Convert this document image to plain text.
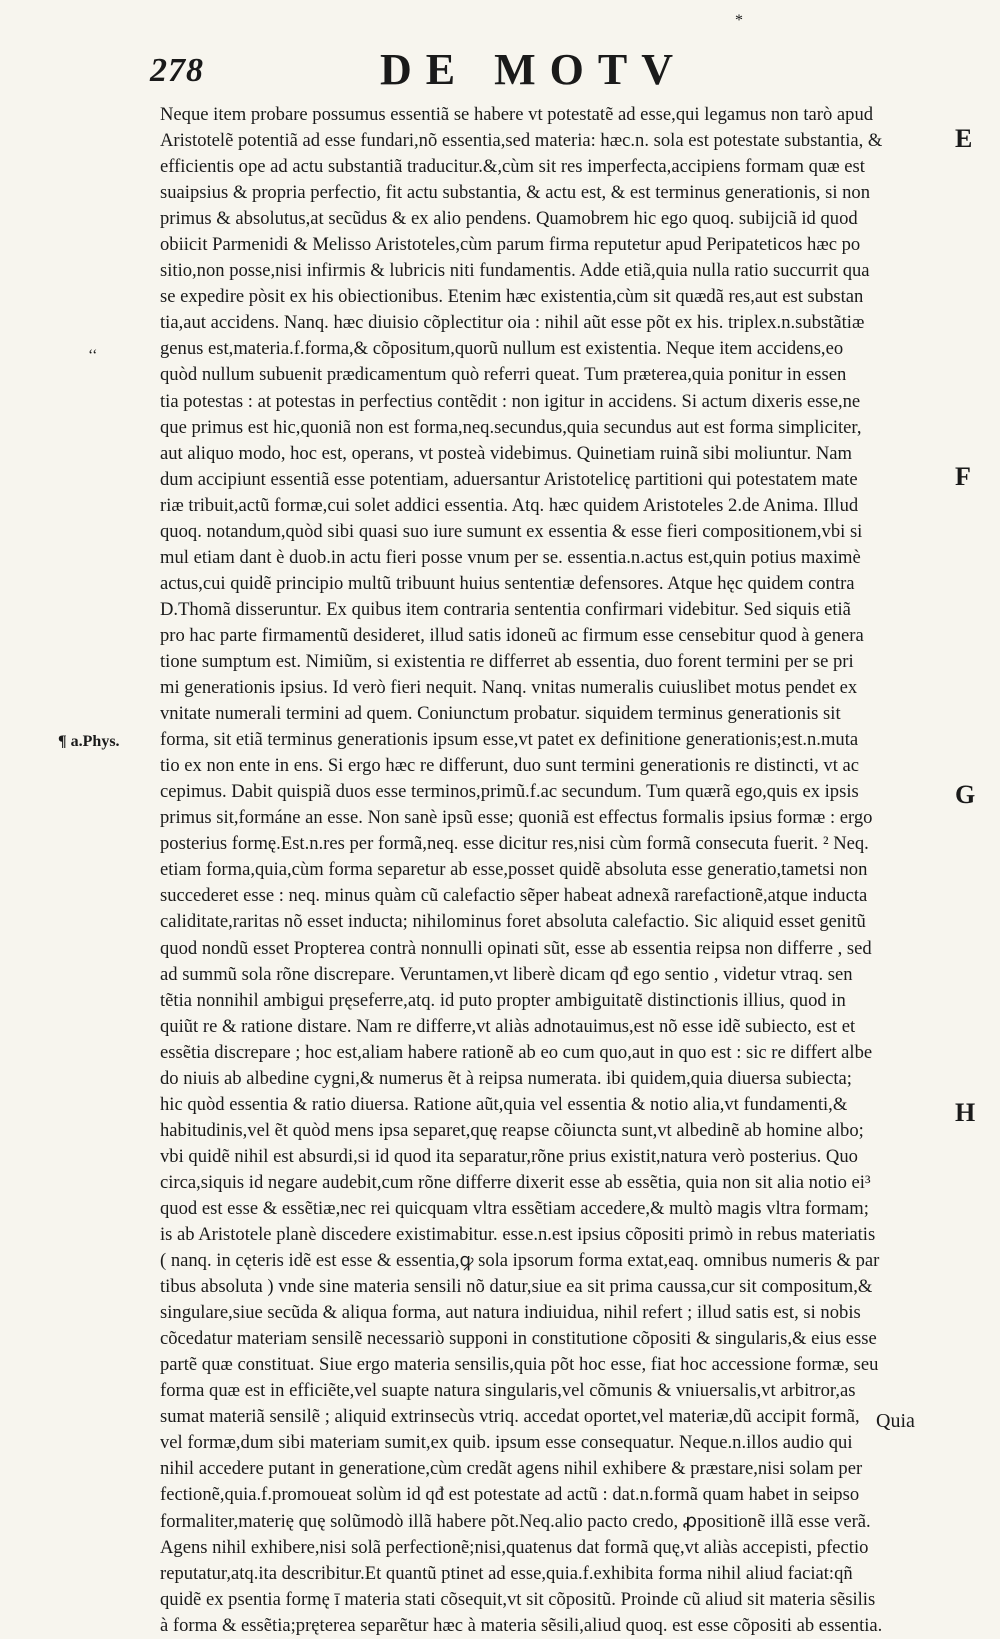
*
278	DE MOTV
‘‘
¶ a.Phys.
E
F
G
H
Neque item probare possumus essentiã se habere vt potestatẽ ad esse,qui legamus non tarò apud
Aristotelẽ potentiã ad esse fundari,nõ essentia,sed materia: hæc.n. sola est potestate substantia, &
efficientis ope ad actu substantiã traducitur.&,cùm sit res imperfecta,accipiens formam quæ est
suaipsius & propria perfectio, fit actu substantia, & actu est, & est terminus generationis, si non
primus & absolutus,at secũdus & ex alio pendens. Quamobrem hic ego quoq. subijciã id quod
obiicit Parmenidi & Melisso Aristoteles,cùm parum firma reputetur apud Peripateticos hæc po
sitio,non posse,nisi infirmis & lubricis niti fundamentis. Adde etiã,quia nulla ratio succurrit qua
se expedire pòsit ex his obiectionibus. Etenim hæc existentia,cùm sit quædã res,aut est substan
tia,aut accidens. Nanq. hæc diuisio cõplectitur oia : nihil aũt esse põt ex his. triplex.n.substãtiæ
genus est,materia.f.forma,& cõpositum,quorũ nullum est existentia. Neque item accidens,eo
quòd nullum subuenit prædicamentum quò referri queat. Tum præterea,quia ponitur in essen
tia potestas : at potestas in perfectius contẽdit : non igitur in accidens. Si actum dixeris esse,ne
que primus est hic,quoniã non est forma,neq.secundus,quia secundus aut est forma simpliciter,
aut aliquo modo, hoc est, operans, vt posteà videbimus. Quinetiam ruinã sibi moliuntur. Nam
dum accipiunt essentiã esse potentiam, aduersantur Aristotelicę partitioni qui potestatem mate
riæ tribuit,actũ formæ,cui solet addici essentia. Atq. hæc quidem Aristoteles 2.de Anima. Illud
quoq. notandum,quòd sibi quasi suo iure sumunt ex essentia & esse fieri compositionem,vbi si
mul etiam dant è duob.in actu fieri posse vnum per se. essentia.n.actus est,quin potius maximè
actus,cui quidẽ principio multũ tribuunt huius sententiæ defensores. Atque hęc quidem contra
D.Thomã disseruntur. Ex quibus item contraria sententia confirmari videbitur. Sed siquis etiã
pro hac parte firmamentũ desideret, illud satis idoneũ ac firmum esse censebitur quod à genera
tione sumptum est. Nimiũm, si existentia re differret ab essentia, duo forent termini per se pri
mi generationis ipsius. Id verò fieri nequit. Nanq. vnitas numeralis cuiuslibet motus pendet ex
vnitate numerali termini ad quem. Coniunctum probatur. siquidem terminus generationis sit
forma, sit etiã terminus generationis ipsum esse,vt patet ex definitione generationis;est.n.muta
tio ex non ente in ens. Si ergo hæc re differunt, duo sunt termini generationis re distincti, vt ac
cepimus. Dabit quispiã duos esse terminos,primũ.f.ac secundum. Tum quærã ego,quis ex ipsis
primus sit,formáne an esse. Non sanè ipsũ esse; quoniã est effectus formalis ipsius formæ : ergo
posterius formę.Est.n.res per formã,neq. esse dicitur res,nisi cùm formã consecuta fuerit. ² Neq.
etiam forma,quia,cùm forma separetur ab esse,posset quidẽ absoluta esse generatio,tametsi non
succederet esse : neq. minus quàm cũ calefactio sẽper habeat adnexã rarefactionẽ,atque inducta
caliditate,raritas nõ esset inducta; nihilominus foret absoluta calefactio. Sic aliquid esset genitũ
quod nondũ esset Propterea contrà nonnulli opinati sũt, esse ab essentia reipsa non differre , sed
ad summũ sola rõne discrepare. Veruntamen,vt liberè dicam qđ ego sentio , videtur vtraq. sen
tẽtia nonnihil ambigui pręseferre,atq. id puto propter ambiguitatẽ distinctionis illius, quod in
quiũt re & ratione distare. Nam re differre,vt aliàs adnotauimus,est nõ esse idẽ subiecto, est et
essẽtia discrepare ; hoc est,aliam habere rationẽ ab eo cum quo,aut in quo est : sic re differt albe
do niuis ab albedine cygni,& numerus ẽt à reipsa numerata. ibi quidem,quia diuersa subiecta;
hic quòd essentia & ratio diuersa. Ratione aũt,quia vel essentia & notio alia,vt fundamenti,&
habitudinis,vel ẽt quòd mens ipsa separet,quę reapse cõiuncta sunt,vt albedinẽ ab homine albo;
vbi quidẽ nihil est absurdi,si id quod ita separatur,rõne prius existit,natura verò posterius. Quo
circa,siquis id negare audebit,cum rõne differre dixerit esse ab essẽtia, quia non sit alia notio ei³
quod est esse & essẽtiæ,nec rei quicquam vltra essẽtiam accedere,& multò magis vltra formam;
is ab Aristotele planè discedere existimabitur. esse.n.est ipsius cõpositi primò in rebus materiatis
( nanq. in cęteris idẽ est esse & essentia,ꝙ sola ipsorum forma extat,eaq. omnibus numeris & par
tibus absoluta ) vnde sine materia sensili nõ datur,siue ea sit prima caussa,cur sit compositum,&
singulare,siue secũda & aliqua forma, aut natura indiuidua, nihil refert ; illud satis est, si nobis
cõcedatur materiam sensilẽ necessariò supponi in constitutione cõpositi & singularis,& eius esse
partẽ quæ constituat. Siue ergo materia sensilis,quia põt hoc esse, fiat hoc accessione formæ, seu
forma quæ est in efficiẽte,vel suapte natura singularis,vel cõmunis & vniuersalis,vt arbitror,as
sumat materiã sensilẽ ; aliquid extrinsecùs vtriq. accedat oportet,vel materiæ,dũ accipit formã,
vel formæ,dum sibi materiam sumit,ex quib. ipsum esse consequatur. Neque.n.illos audio qui
nihil accedere putant in generatione,cùm credãt agens nihil exhibere & præstare,nisi solam per
fectionẽ,quia.f.promoueat solùm id qđ est potestate ad actũ : dat.n.formã quam habet in seipso
formaliter,materię quę solũmodò illã habere põt.Neq.alio pacto credo, ꝓpositionẽ illã esse verã.
Agens nihil exhibere,nisi solã perfectionẽ;nisi,quatenus dat formã quę,vt aliàs accepisti, pfectio
reputatur,atq.ita describitur.Et quantũ ptinet ad esse,quia.f.exhibita forma nihil aliud faciat:qñ
quidẽ ex psentia formę ī materia stati cõsequit,vt sit cõpositũ. Proinde cũ aliud sit materia sẽsilis
à forma & essẽtia;pręterea separẽtur hæc à materia sẽsili,aliud quoq. est esse cõpositi ab essentia.
Quia
